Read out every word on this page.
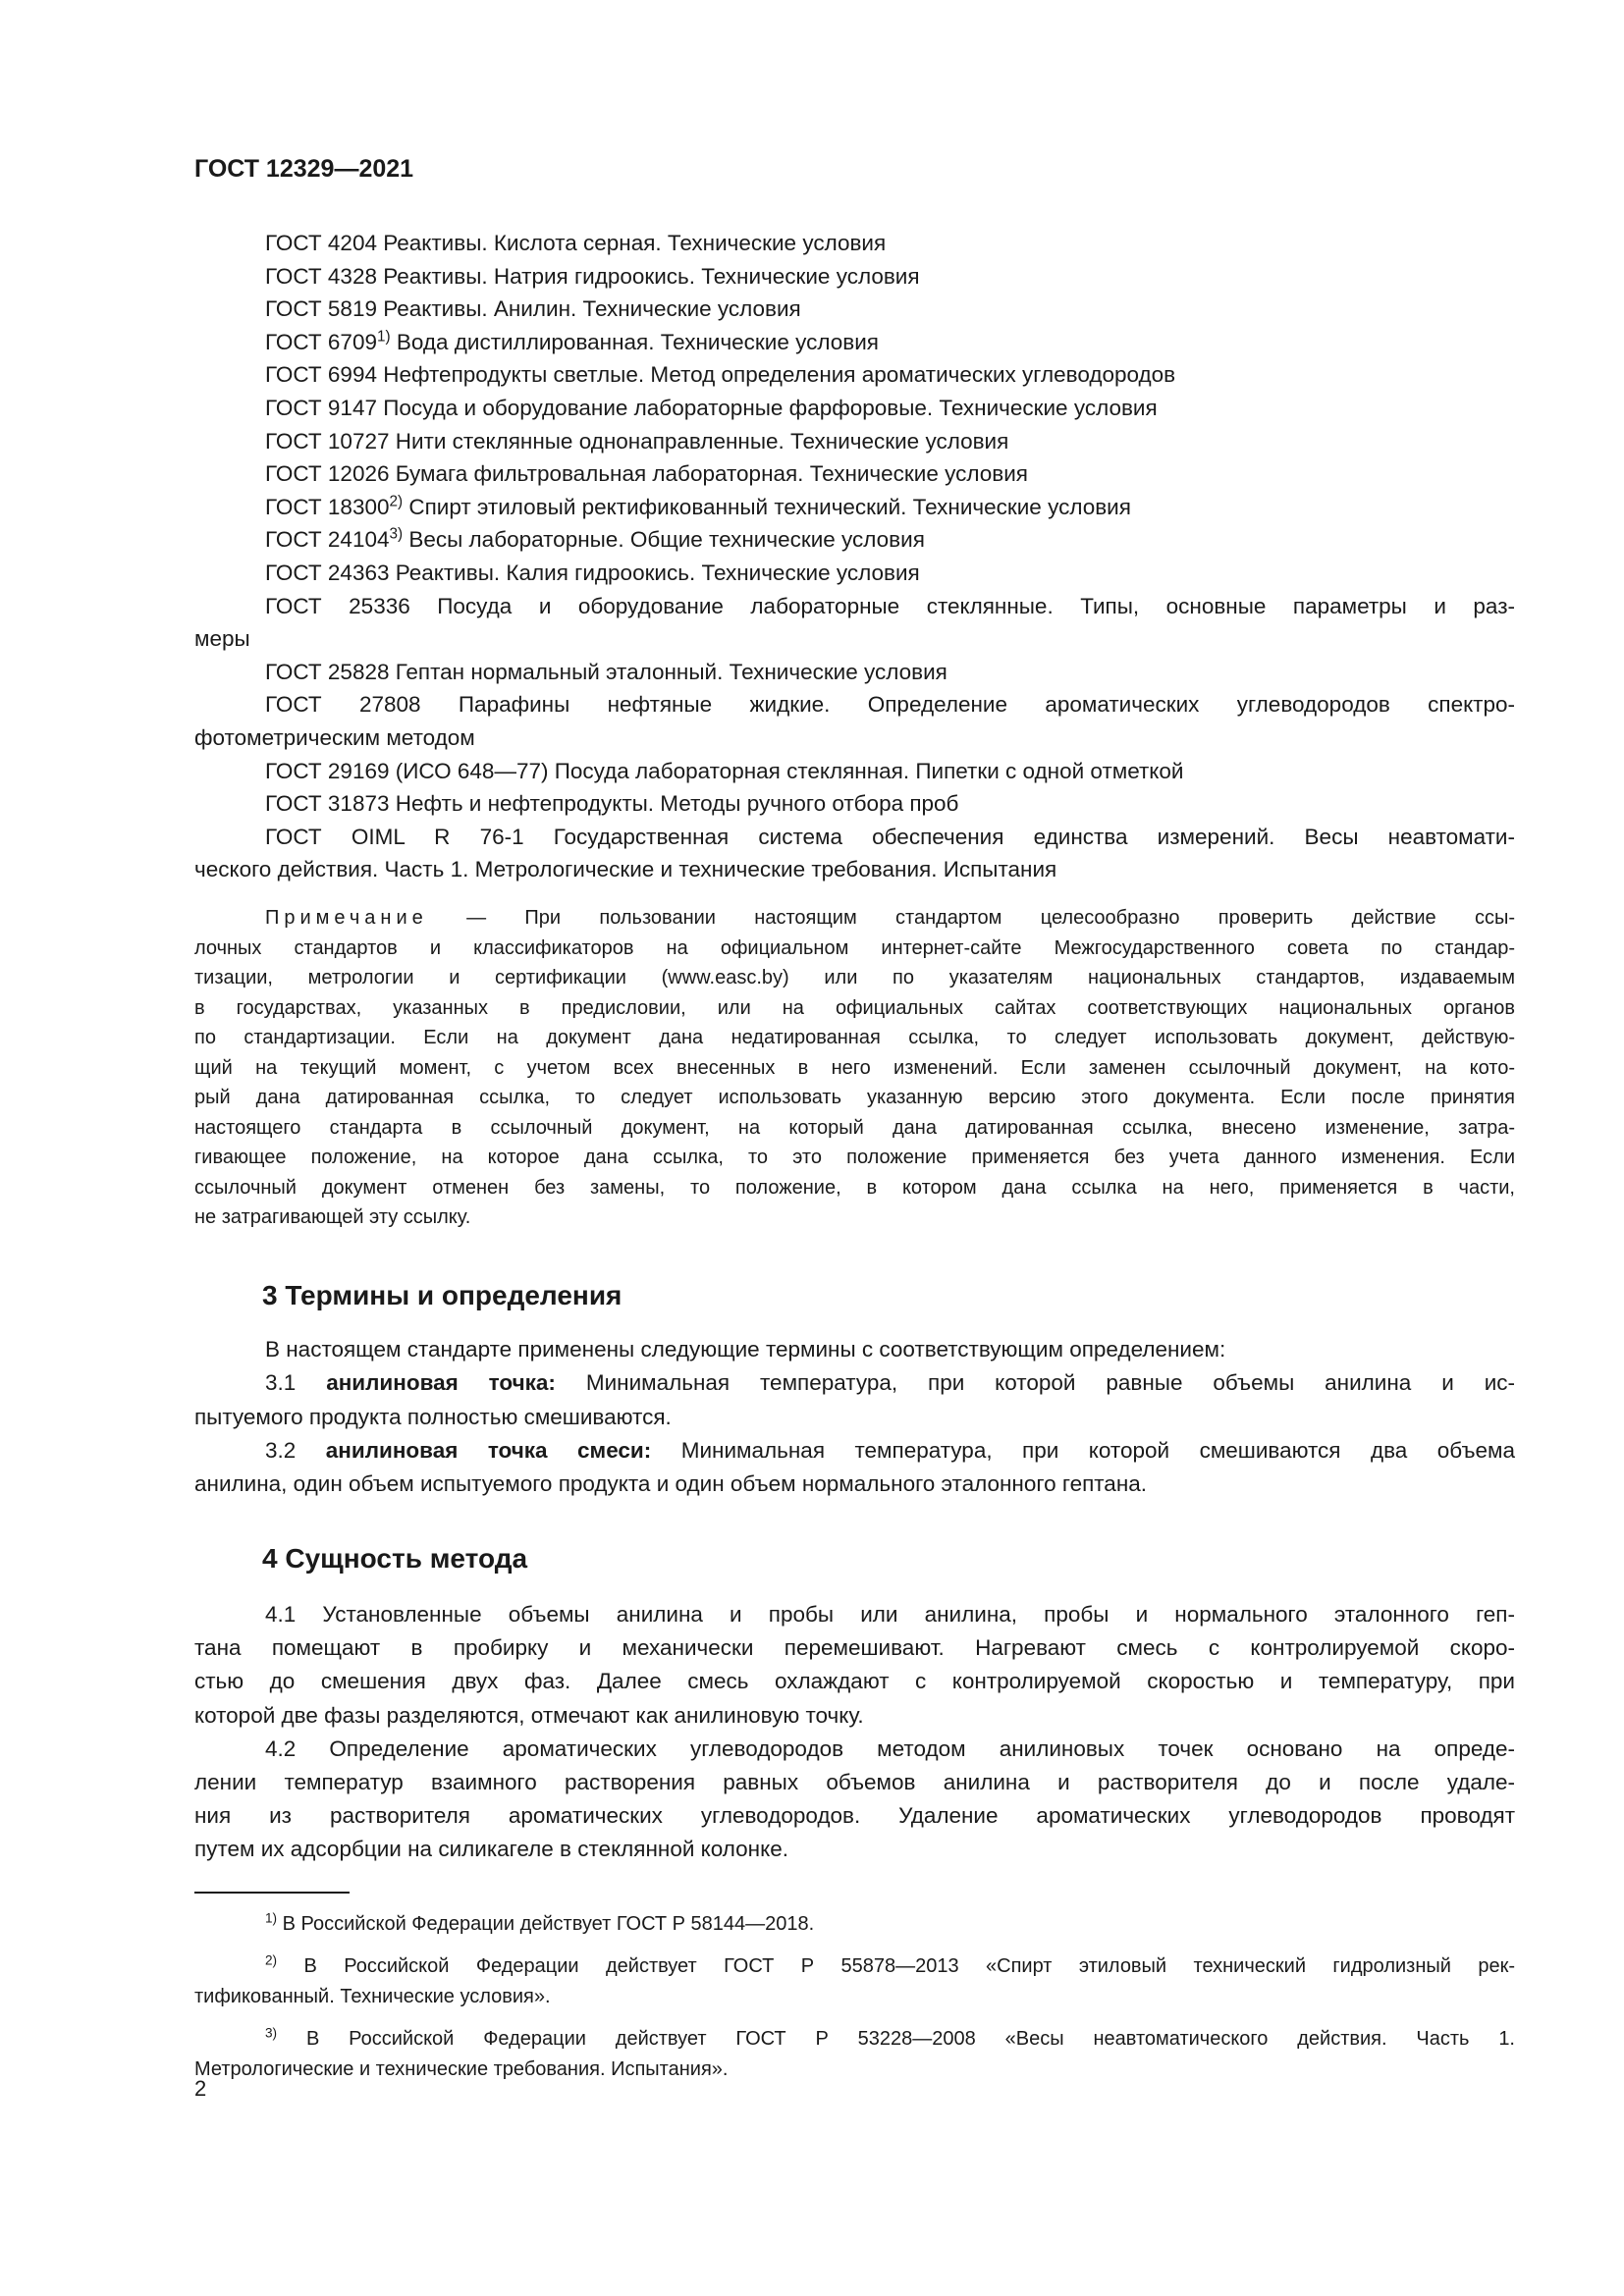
ГОСТ 12329—2021
ГОСТ 4204 Реактивы. Кислота серная. Технические условия
ГОСТ 4328 Реактивы. Натрия гидроокись. Технические условия
ГОСТ 5819 Реактивы. Анилин. Технические условия
ГОСТ 6709$^{1)}$ Вода дистиллированная. Технические условия
ГОСТ 6994 Нефтепродукты светлые. Метод определения ароматических углеводородов
ГОСТ 9147 Посуда и оборудование лабораторные фарфоровые. Технические условия
ГОСТ 10727 Нити стеклянные однонаправленные. Технические условия
ГОСТ 12026 Бумага фильтровальная лабораторная. Технические условия
ГОСТ 18300$^{2)}$ Спирт этиловый ректификованный технический. Технические условия
ГОСТ 24104$^{3)}$ Весы лабораторные. Общие технические условия
ГОСТ 24363 Реактивы. Калия гидроокись. Технические условия
ГОСТ 25336 Посуда и оборудование лабораторные стеклянные. Типы, основные параметры и раз-
меры
ГОСТ 25828 Гептан нормальный эталонный. Технические условия
ГОСТ 27808 Парафины нефтяные жидкие. Определение ароматических углеводородов спектро-
фотометрическим методом
ГОСТ 29169 (ИСО 648—77) Посуда лабораторная стеклянная. Пипетки с одной отметкой
ГОСТ 31873 Нефть и нефтепродукты. Методы ручного отбора проб
ГОСТ OIML R 76-1 Государственная система обеспечения единства измерений. Весы неавтомати-
ческого действия. Часть 1. Метрологические и технические требования. Испытания
Примечание — При пользовании настоящим стандартом целесообразно проверить действие ссы-
лочных стандартов и классификаторов на официальном интернет-сайте Межгосударственного совета по стандар-
тизации, метрологии и сертификации (www.easc.by) или по указателям национальных стандартов, издаваемым
в государствах, указанных в предисловии, или на официальных сайтах соответствующих национальных органов
по стандартизации. Если на документ дана недатированная ссылка, то следует использовать документ, действую-
щий на текущий момент, с учетом всех внесенных в него изменений. Если заменен ссылочный документ, на кото-
рый дана датированная ссылка, то следует использовать указанную версию этого документа. Если после принятия
настоящего стандарта в ссылочный документ, на который дана датированная ссылка, внесено изменение, затра-
гивающее положение, на которое дана ссылка, то это положение применяется без учета данного изменения. Если
ссылочный документ отменен без замены, то положение, в котором дана ссылка на него, применяется в части,
не затрагивающей эту ссылку.
3 Термины и определения
В настоящем стандарте применены следующие термины с соответствующим определением:
3.1 анилиновая точка: Минимальная температура, при которой равные объемы анилина и ис-
пытуемого продукта полностью смешиваются.
3.2 анилиновая точка смеси: Минимальная температура, при которой смешиваются два объема
анилина, один объем испытуемого продукта и один объем нормального эталонного гептана.
4 Сущность метода
4.1 Установленные объемы анилина и пробы или анилина, пробы и нормального эталонного геп-
тана помещают в пробирку и механически перемешивают. Нагревают смесь с контролируемой скоро-
стью до смешения двух фаз. Далее смесь охлаждают с контролируемой скоростью и температуру, при
которой две фазы разделяются, отмечают как анилиновую точку.
4.2 Определение ароматических углеводородов методом анилиновых точек основано на опреде-
лении температур взаимного растворения равных объемов анилина и растворителя до и после удале-
ния из растворителя ароматических углеводородов. Удаление ароматических углеводородов проводят
путем их адсорбции на силикагеле в стеклянной колонке.
$^{1)}$ В Российской Федерации действует ГОСТ Р 58144—2018.
$^{2)}$ В Российской Федерации действует ГОСТ Р 55878—2013 «Спирт этиловый технический гидролизный рек-
тификованный. Технические условия».
$^{3)}$ В Российской Федерации действует ГОСТ Р 53228—2008 «Весы неавтоматического действия. Часть 1.
Метрологические и технические требования. Испытания».
2
